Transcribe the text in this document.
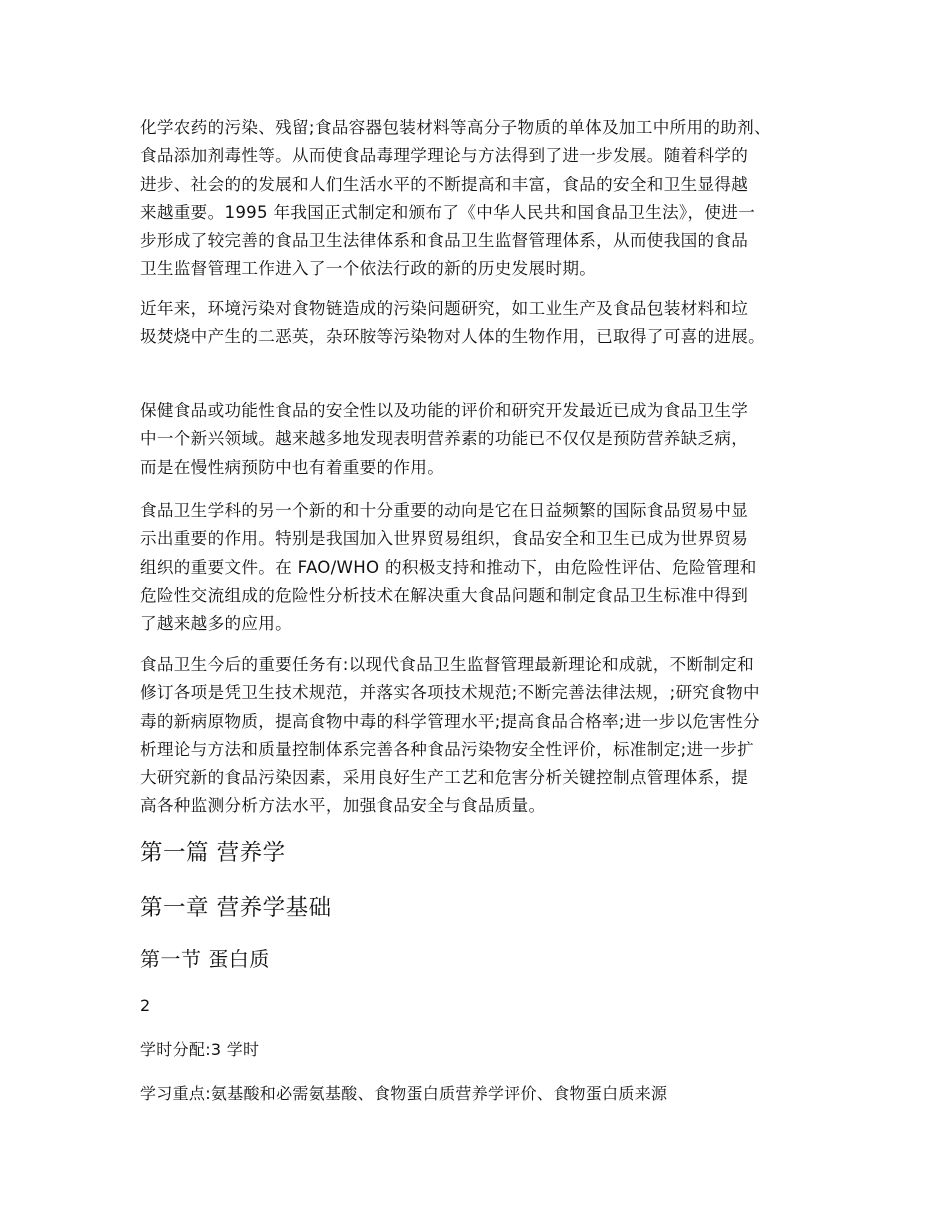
化学农药的污染、残留;食品容器包装材料等高分子物质的单体及加工中所用的助剂、
食品添加剂毒性等。从而使食品毒理学理论与方法得到了进一步发展。随着科学的
进步、社会的的发展和人们生活水平的不断提高和丰富，食品的安全和卫生显得越
来越重要。1995 年我国正式制定和颁布了《中华人民共和国食品卫生法》，使进一
步形成了较完善的食品卫生法律体系和食品卫生监督管理体系，从而使我国的食品
卫生监督管理工作进入了一个依法行政的新的历史发展时期。

近年来，环境污染对食物链造成的污染问题研究，如工业生产及食品包装材料和垃
圾焚烧中产生的二恶英，杂环胺等污染物对人体的生物作用，已取得了可喜的进展。

保健食品或功能性食品的安全性以及功能的评价和研究开发最近已成为食品卫生学
中一个新兴领域。越来越多地发现表明营养素的功能已不仅仅是预防营养缺乏病，
而是在慢性病预防中也有着重要的作用。

食品卫生学科的另一个新的和十分重要的动向是它在日益频繁的国际食品贸易中显
示出重要的作用。特别是我国加入世界贸易组织，食品安全和卫生已成为世界贸易
组织的重要文件。在 FAO/WHO 的积极支持和推动下，由危险性评估、危险管理和
危险性交流组成的危险性分析技术在解决重大食品问题和制定食品卫生标准中得到
了越来越多的应用。

食品卫生今后的重要任务有:以现代食品卫生监督管理最新理论和成就，不断制定和
修订各项是凭卫生技术规范，并落实各项技术规范;不断完善法律法规，;研究食物中
毒的新病原物质，提高食物中毒的科学管理水平;提高食品合格率;进一步以危害性分
析理论与方法和质量控制体系完善各种食品污染物安全性评价，标准制定;进一步扩
大研究新的食品污染因素，采用良好生产工艺和危害分析关键控制点管理体系，提
高各种监测分析方法水平，加强食品安全与食品质量。

第一篇 营养学
第一章 营养学基础
第一节 蛋白质
2
学时分配:3 学时
学习重点:氨基酸和必需氨基酸、食物蛋白质营养学评价、食物蛋白质来源
